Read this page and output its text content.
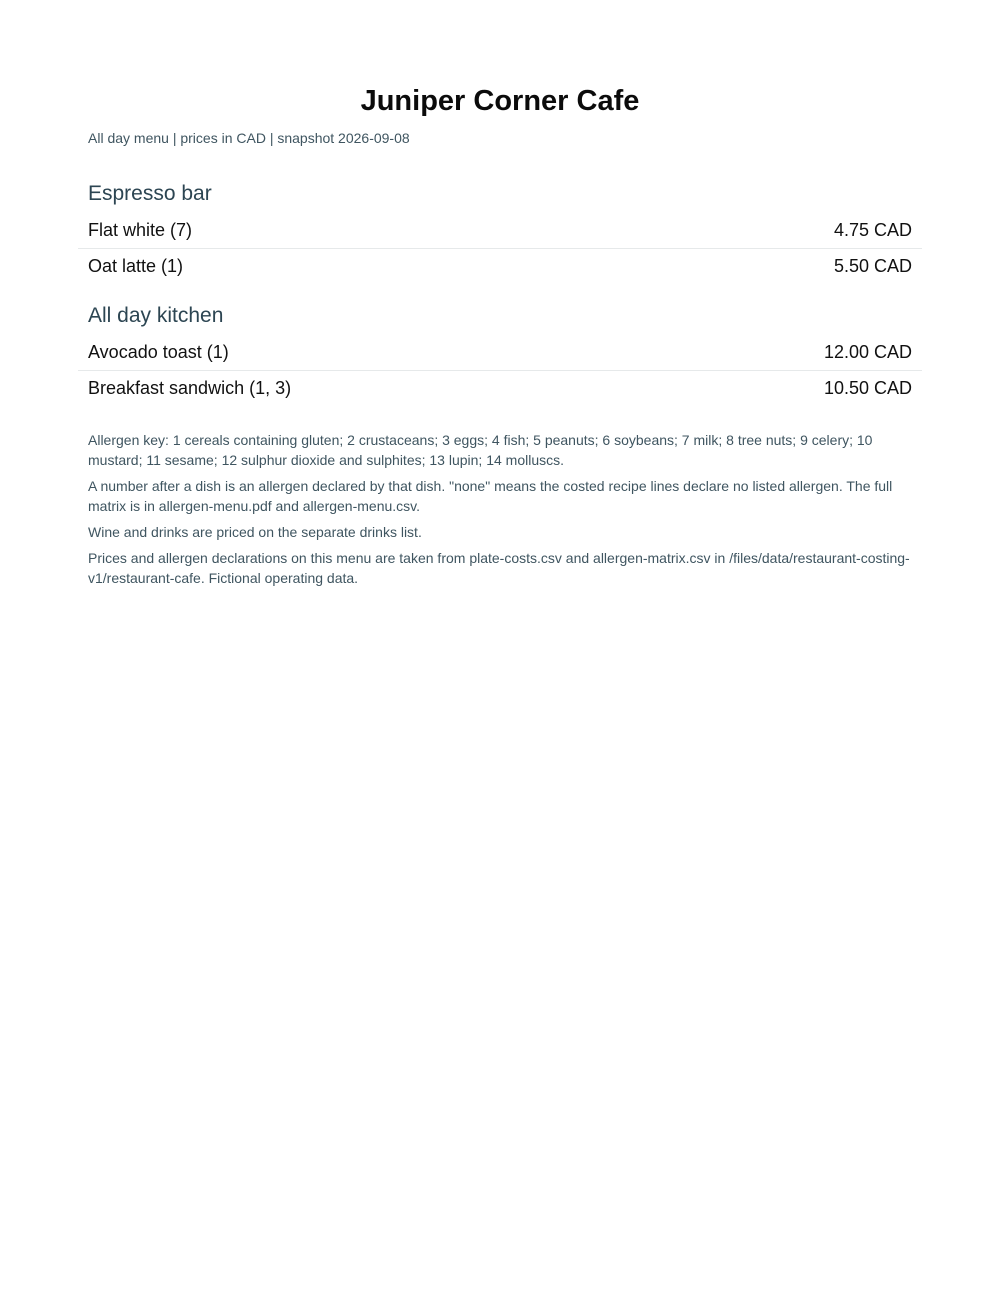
Juniper Corner Cafe

All day menu | prices in CAD | snapshot 2026-09-08

Espresso bar
Flat white (7)	4.75 CAD
Oat latte (1)	5.50 CAD
All day kitchen
Avocado toast (1)	12.00 CAD
Breakfast sandwich (1, 3)	10.50 CAD

Allergen key: 1 cereals containing gluten; 2 crustaceans; 3 eggs; 4 fish; 5 peanuts; 6 soybeans; 7 milk; 8 tree nuts; 9 celery; 10 mustard; 11 sesame; 12 sulphur dioxide and sulphites; 13 lupin; 14 molluscs.

A number after a dish is an allergen declared by that dish. "none" means the costed recipe lines declare no listed allergen. The full matrix is in allergen-menu.pdf and allergen-menu.csv.

Wine and drinks are priced on the separate drinks list.

Prices and allergen declarations on this menu are taken from plate-costs.csv and allergen-matrix.csv in /files/data/restaurant-costing-v1/restaurant-cafe. Fictional operating data.
